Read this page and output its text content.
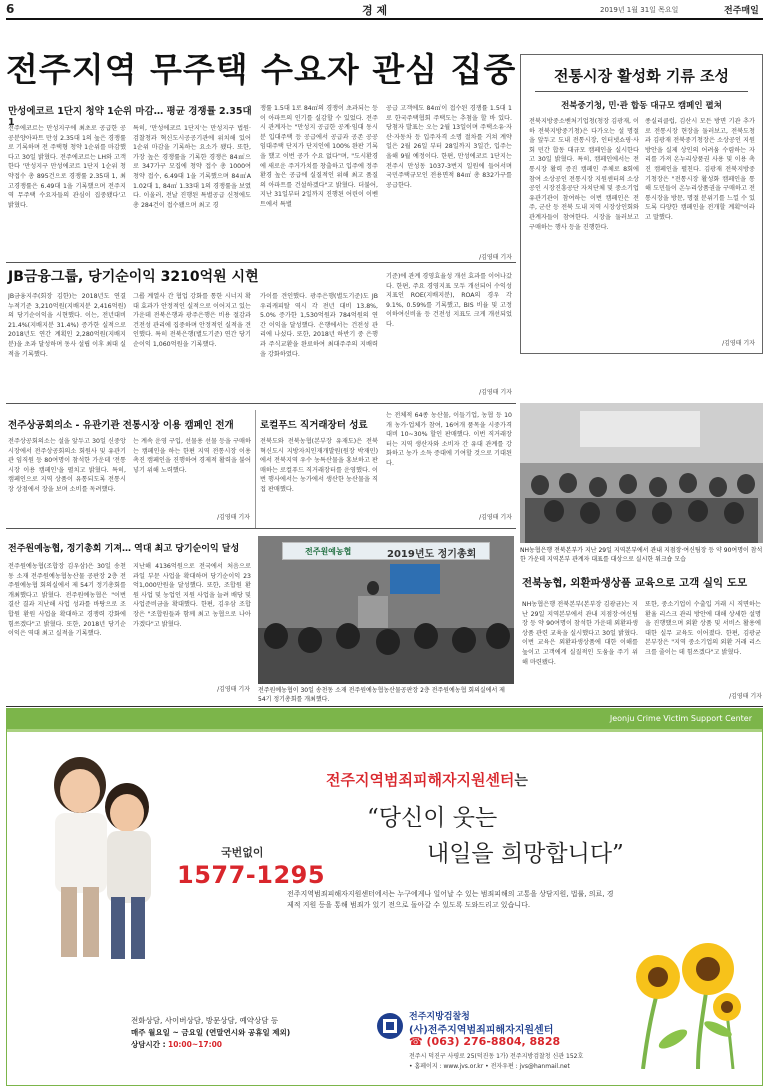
6	경 제	2019년 1월 31일 목요일	전주매일
전주지역 무주택 수요자 관심 집중
만성에코르 1단지 청약 1순위 마감… 평균 경쟁률 2.35대 1
전주에코르는 만성지구에 최초로 공급한 공공분양아파트 만성 2.35대 1의 높은 경쟁률로 기록하며 전 주택형 청약 1순위를 마감했다고 30일 밝혔다. 전주에코르는 LH와 고객한다 '만성지구 만성에코르 1단지 1순위 청약접수 총 895건으로 경쟁률 2.35대 1, 최고경쟁률은 6.49대 1을 기록했으며 전주지역 무주택 수요자들의 관심이 집중됐다'고 밝혔다.
특히, '만성에코르 1단지'는 만성지구 법원·검찰청과 혁신도시공공기관에 위치해 있어 1순위 마감을 기록하는 요소가 됐다. 또한, 가장 높은 경쟁률을 기록한 경쟁은 84㎡으로 347가구 모집에 청약 접수 총 1000여 청약 접수, 6.49대 1을 기록했으며 84㎡A 1.02대 1, 84㎡ 1.33대 1의 경쟁률을 보였다. 이울러, 전날 진행된 특별공급 신청에도 총 284건이 접수됐으며 최고 경
쟁률 1.5대 1로 84㎡의 경쟁이 초과되는 등 이 아파트의 인기를 실감할 수 있었다. 전주시 관계자는 "만성지 공급한 공계·임대 동시분 입대주택 등 공급에서 공급과 공존 공공임대주택 단지가 단지인에 100% 완판 기록을 했고 이번 공가 수요 없다"며, "도시환경에 새로운 주거가치를 창출하고 입주에 정주환경 높은 공급에 실질적인 위해 최고 품질의 아파트를 건설하겠다"고 밝혔다. 더불어, 지난 31일부터 2일까지 진행된 어린이 이벤트에서 특별
공급 고객에도 84㎡이 접수된 경쟁률 1.5대 1로 한국주택협회 주택도는 추첨을 할 바 있다. 당첨자 발표는 오는 2월 13일이며 주택소유·자산·자동차 등 입주자격 소명 절차를 거쳐 계약일은 2월 26일 부터 28일까지 3일간, 입주는 올해 9월 예정이다. 한편, 만성에코르 1단지는 전주시 만성동 1037-3번지 일원에 들어서며 국민주택규모인 전용면적 84㎡ 총 832가구를 공급한다.
/김영태 기자
전통시장 활성화 기류 조성
전북중기청, 민·관 합동 대규모 캠페인 펼쳐
전북지방중소벤처기업청(청장 김광재, 이하 전북지방중기청)은 다가오는 설 명절을 앞두고 도내 전통시장, 인터넷쇼핑·사회 민간 합동 대규모 캠페인을 실시한다고 30일 밝혔다. 특히, 캠페인에서는 전통시장 활력 증진 캠페인 주체로 8회에 참여 소상공인 전통시장 지원센터의 소상공인 시장진흥공단 자치단체 및 중소기업유관기관이 참여하는 이번 캠페인은 전주, 군산 등 전북 도내 지역 시장상인회와 관계자들이 참여한다. 시장을 둘러보고 구매하는 행사 등을 진행한다.
종실리클럽, 김산시 모든 방면 기관 추가로 전통시장 현장을 둘러보고, 전북도청과 김광재 전북중기청장은 소상공인 지원방안을 실제 상인의 어려움 수렴하는 자리를 가져 온누리상품권 사용 및 이용 촉진 캠페인을 펼친다. 김광재 전북지방중기청장은 "전통시장 활성화 캠페인을 통해 도민들이 온누리상품권을 구매하고 전통시장을 방문, 명절 분위기를 느낄 수 있도록 다양한 캠페인을 전개할 계획"이라고 말했다.
/김영태 기자
JB금융그룹, 당기순이익 3210억원 시현
JB금융지주(회장 김한)는 2018년도 연결 누적기준 3,210억원(지배지분 2,416억원)의 당기순이익을 시현했다. 이는, 전년대비 21.4%(지배지분 31.4%) 증가한 실적으로 2018년도 연간 계획인 2,280억원(지배지분)을 초과 달성하며 동사 설립 이후 최대 실적을 기록했다.
그룹 계열사 간 협업 강화를 통한 시너지 확대 효과가 안정적인 실적으로 이어지고 있는 가운데 전북은행과 광주은행은 비용 절감과 건전성 관리에 집중하며 안정적인 실적을 견인했다. 특히 전북은행(별도기준) 연간 당기순이익 1,060억원을 기록했다.
가이를 견인했다. 광주은행(별도기준)도 JB우리캐피탈 역시 각 전년 대비 13.8%, 5.0% 증가한 1,530억원과 784억원의 연간 이익을 달성했다. 은행에서는 건전성 관리에 나섰다. 또한, 2018년 하반기 중 은행과 주식교환을 완료하여 최대주주의 지배력을 강화하였다.
기준)에 관계 경영효율성 개선 효과를 이어나갔다. 한편, 주요 경영지표 모두 개선되어 수익성 지표인 ROE(지배지분), ROA의 경우 각 9.1%, 0.59%를 기록했고, BIS 비율 및 고정이하여신비율 등 건전성 지표도 크게 개선되었다.
/김영태 기자
전주상공회의소 - 유관기관 전통시장 이용 캠페인 전개
전주상공회의소는 설을 앞두고 30일 신중앙시장에서 전주상공회의소 회원사 및 유관기관 임직원 등 80여명이 참석한 가운데 '전통시장 이용 캠페인'을 펼치고 밝혔다. 특히, 캠페인으로 지역 상품이 유통되도록 전통시장 상점에서 장을 보며 소비를 독려했다.
는 계속 운영 구입, 선물용 선물 등을 구매하는 캠페인을 하는 한편 지역 전통시장 이용촉진 캠페인을 진행하여 경제적 활력을 불어넣기 위해 노력했다.
/김영태 기자
로컬푸드 직거래장터 성료
전북도와 전북농협(본부장 유재도)은 전북혁신도시 지방자치인재개발원(원장 박재민)에서 전북지역 우수 농특산물을 홍보하고 판매하는 로컬푸드 직거래장터를 운영했다. 이번 행사에서는 농가에서 생산한 농산물을 직접 판매했다.
는 전체적 64종 농산물, 이들기업, 농협 등 10개 농가·업체가 참여, 16여개 품목을 시중가격 대비 10~30% 할인 판매했다. 이번 직거래장터는 지역 생산자와 소비자 간 유대 관계를 강화하고 농가 소득 증대에 기여할 것으로 기대된다.
/김영태 기자
NH농협은행 전북본부가 지난 29일 지역본부에서 관내 지점장·여신팀장 등 약 90여명이 참석한 가운데 지역본부 관계자 대표를 대상으로 실시한 워크숍 모습
전주원예농협, 정기총회 기져… 역대 최고 당기순이익 달성
전주원예농협(조합장 김우삼)은 30일 송천동 소재 전주원예농협농산물 공판장 2층 전주원예농협 회의실에서 제 54기 정기총회를 개최했다고 밝혔다. 전주원예농협은 "이번 결산 결과 지난해 사업 성과를 바탕으로 조합원 환원 사업을 확대하고 경쟁력 강화에 힘쓰겠다"고 밝혔다. 또한, 2018년 당기순이익은 역대 최고 실적을 기록했다.
지난해 4136억원으로 전국에서 처음으로 과일 부문 사업을 확대하며 당기순이익 23억1,000만원을 달성했다. 또한, 조합원 환원 사업 및 농업인 지원 사업을 늘려 배당 및 사업준비금을 확대했다. 한편, 김우삼 조합장은 "조합원들과 함께 최고 농협으로 나아가겠다"고 밝혔다.
/김영태 기자
전주원예농협	2019년도 정기총회
전주원예농협이 30일 송천동 소재 전주원예농협농산물공판장 2층 전주원예농협 회의실에서 제 54기 정기총회를 개최했다.
전북농협, 외환파생상품 교육으로 고객 실익 도모
NH농협은행 전북본부(본부장 김광균)는 지난 29일 지역본부에서 관내 지점장·여신팀장 등 약 90여명이 참석한 가운데 외환파생상품 관련 교육을 실시했다고 30일 밝혔다. 이번 교육은 외환파생상품에 대한 이해를 높이고 고객에게 실질적인 도움을 주기 위해 마련됐다.
또한, 중소기업이 수출입 거래 시 직면하는 환율 리스크 관리 방안에 대해 상세한 설명을 진행했으며 외환 상품 및 서비스 활용에 대한 실무 교육도 이어졌다. 한편, 김광균 본부장은 "지역 중소기업의 외환 거래 리스크를 줄이는 데 힘쓰겠다"고 밝혔다.
/김영태 기자
Jeonju Crime Victim Support Center
국번없이
1577-1295
전주지역범죄피해자지원센터는
“당신이 웃는
내일을 희망합니다”
전주지역범죄피해자지원센터에서는 누구에게나 일어날 수 있는 범죄피해의 고통을 상담지원, 법률, 의료, 경제적 지원 등을 통해 범죄가 있기 전으로 돌아갈 수 있도록 도와드리고 있습니다.
전화상담, 사이버상담, 방문상담, 예약상담 등
매주 월요일 ~ 금요일 (연말연시와 공휴일 제외)
상담시간 : 10:00~17:00
전주지방검찰청
(사)전주지역범죄피해자지원센터
☎ (063) 276-8804, 8828
전주시 덕진구 사평로 25(덕진동 1가) 전주지방검찰청 신관 152호
• 홈페이지 : www.jvs.or.kr • 전자우편 : jvs@hanmail.net
